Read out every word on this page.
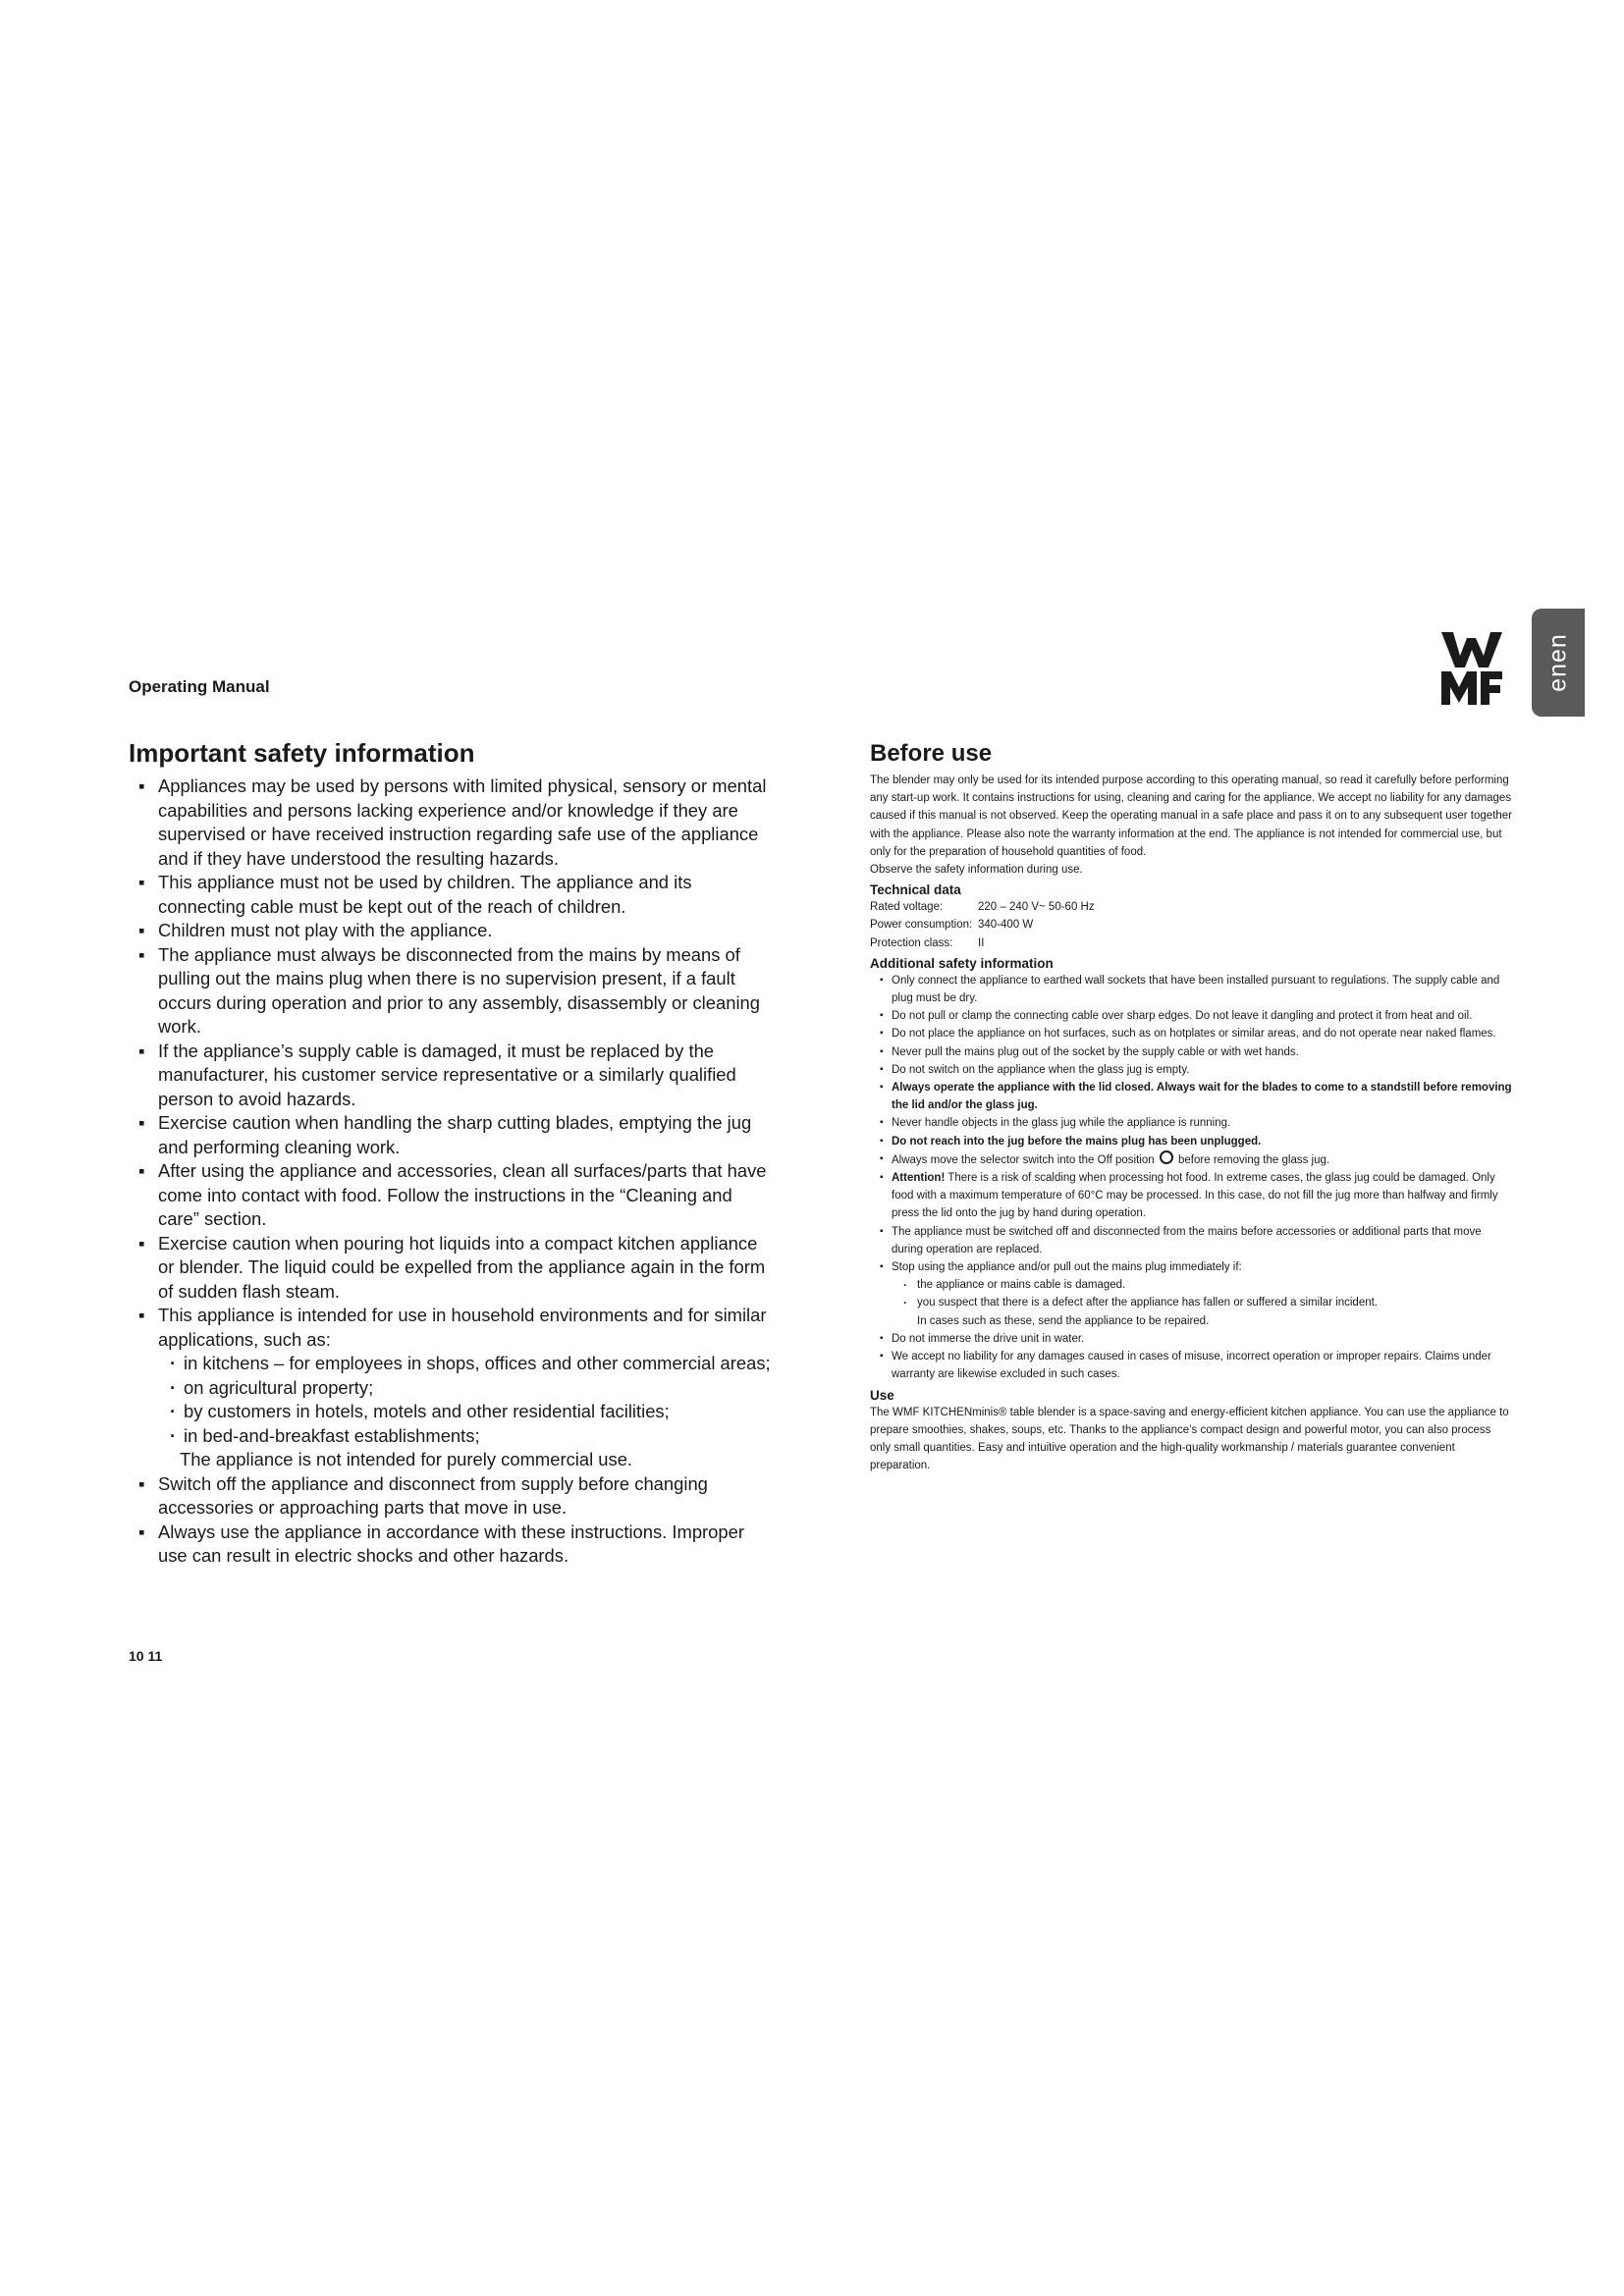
Operating Manual	enen
Important safety information
▪ Appliances may be used by persons with limited physical, sensory or mental capabilities and persons lacking experience and/or knowledge if they are supervised or have received instruction regarding safe use of the appliance and if they have understood the resulting hazards.
▪ This appliance must not be used by children. The appliance and its connecting cable must be kept out of the reach of children.
▪ Children must not play with the appliance.
▪ The appliance must always be disconnected from the mains by means of pulling out the mains plug when there is no supervision present, if a fault occurs during operation and prior to any assembly, disassembly or cleaning work.
▪ If the appliance’s supply cable is damaged, it must be replaced by the manufacturer, his customer service representative or a similarly qualified person to avoid hazards.
▪ Exercise caution when handling the sharp cutting blades, emptying the jug and performing cleaning work.
▪ After using the appliance and accessories, clean all surfaces/parts that have come into contact with food. Follow the instructions in the “Cleaning and care” section.
▪ Exercise caution when pouring hot liquids into a compact kitchen appliance or blender. The liquid could be expelled from the appliance again in the form of sudden flash steam.
▪ This appliance is intended for use in household environments and for similar applications, such as:
· in kitchens – for employees in shops, offices and other commercial areas;
· on agricultural property;
· by customers in hotels, motels and other residential facilities;
· in bed-and-breakfast establishments;
The appliance is not intended for purely commercial use.
▪ Switch off the appliance and disconnect from supply before changing accessories or approaching parts that move in use.
▪ Always use the appliance in accordance with these instructions. Improper use can result in electric shocks and other hazards.
Before use

The blender may only be used for its intended purpose according to this operating manual, so read it carefully before performing any start-up work. It contains instructions for using, cleaning and caring for the appliance. We accept no liability for any damages caused if this manual is not observed. Keep the operating manual in a safe place and pass it on to any subsequent user together with the appliance. Please also note the warranty information at the end. The appliance is not intended for commercial use, but only for the preparation of household quantities of food.

Observe the safety information during use.

Technical data

Rated voltage:	220 – 240 V~ 50-60 Hz

Power consumption: 340-400 W

Protection class: II

Additional safety information
▪ Only connect the appliance to earthed wall sockets that have been installed pursuant to regulations. The supply cable and plug must be dry.
▪ Do not pull or clamp the connecting cable over sharp edges. Do not leave it dangling and protect it from heat and oil.
▪ Do not place the appliance on hot surfaces, such as on hotplates or similar areas, and do not operate near naked flames.
▪ Never pull the mains plug out of the socket by the supply cable or with wet hands.
▪ Do not switch on the appliance when the glass jug is empty.
▪ Always operate the appliance with the lid closed. Always wait for the blades to come to a standstill before removing the lid and/or the glass jug.
▪ Never handle objects in the glass jug while the appliance is running.
▪ Do not reach into the jug before the mains plug has been unplugged.
▪ Always move the selector switch into the Off position before removing the glass jug.
▪ Attention! There is a risk of scalding when processing hot food. In extreme cases, the glass jug could be damaged. Only food with a maximum temperature of 60°C may be processed. In this case, do not fill the jug more than halfway and firmly press the lid onto the jug by hand during operation.
▪ The appliance must be switched off and disconnected from the mains before accessories or additional parts that move during operation are replaced.
▪ Stop using the appliance and/or pull out the mains plug immediately if:
· the appliance or mains cable is damaged.
· you suspect that there is a defect after the appliance has fallen or suffered a similar incident.
In cases such as these, send the appliance to be repaired.
▪ Do not immerse the drive unit in water.
▪ We accept no liability for any damages caused in cases of misuse, incorrect operation or improper repairs. Claims under warranty are likewise excluded in such cases.
Use

The WMF KITCHENminis® table blender is a space-saving and energy-efficient kitchen appliance. You can use the appliance to prepare smoothies, shakes, soups, etc. Thanks to the appliance’s compact design and powerful motor, you can also process only small quantities. Easy and intuitive operation and the high-quality workmanship / materials guarantee convenient preparation.

10 11
